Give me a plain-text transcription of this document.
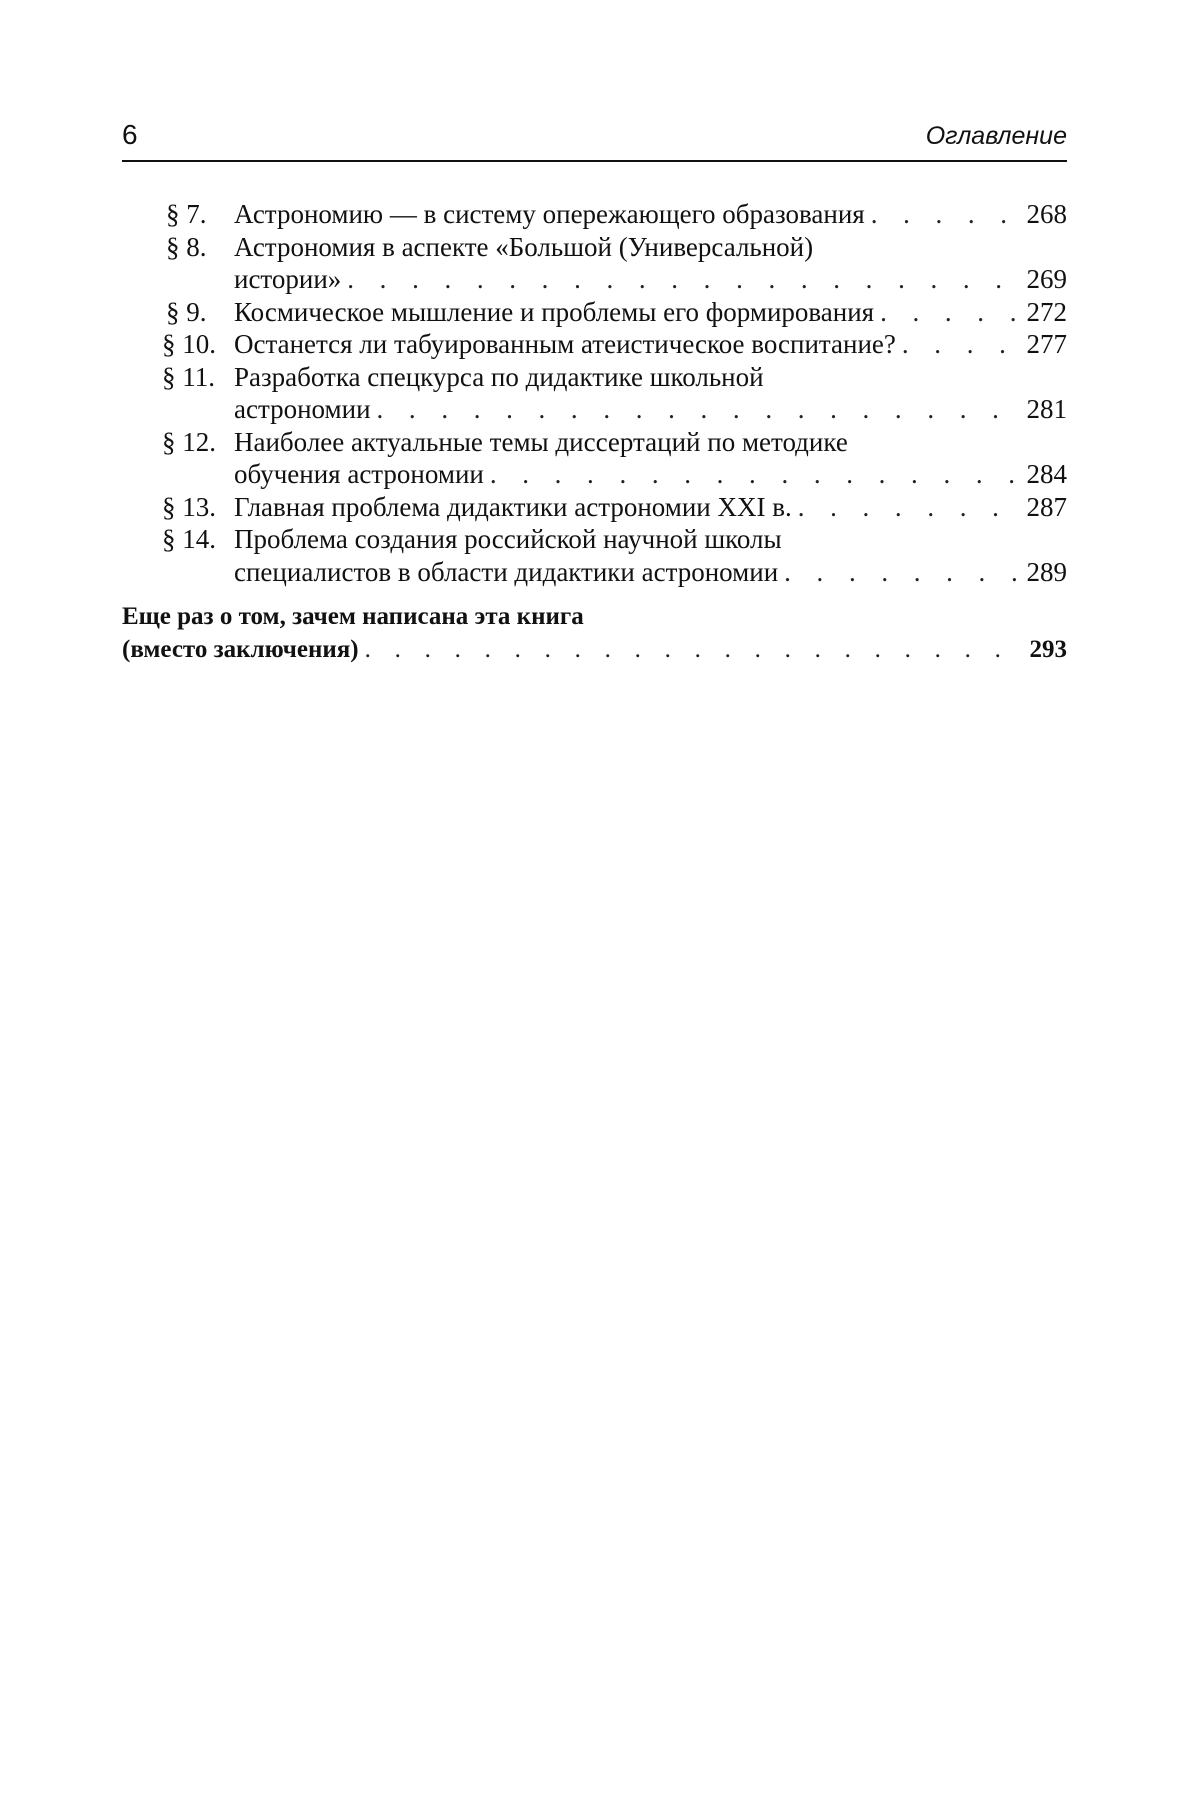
6	Оглавление
§ 7.	Астрономию — в систему опережающего образования . . .	268
§ 8.	Астрономия в аспекте «Большой (Универсальной)
истории» . . .	269
§ 9.	Космическое мышление и проблемы его формирования . . .	272
§ 10. Останется ли табуированным атеистическое воспитание? . . .	277
§ 11. Разработка спецкурса по дидактике школьной
астрономии . . .	281
§ 12. Наиболее актуальные темы диссертаций по методике
обучения астрономии . . .	284
§ 13. Главная проблема дидактики астрономии XXI в. . . .	287
§ 14. Проблема создания российской научной школы
специалистов в области дидактики астрономии . . .	289
Еще раз о том, зачем написана эта книга
(вместо заключения) . . .	293
